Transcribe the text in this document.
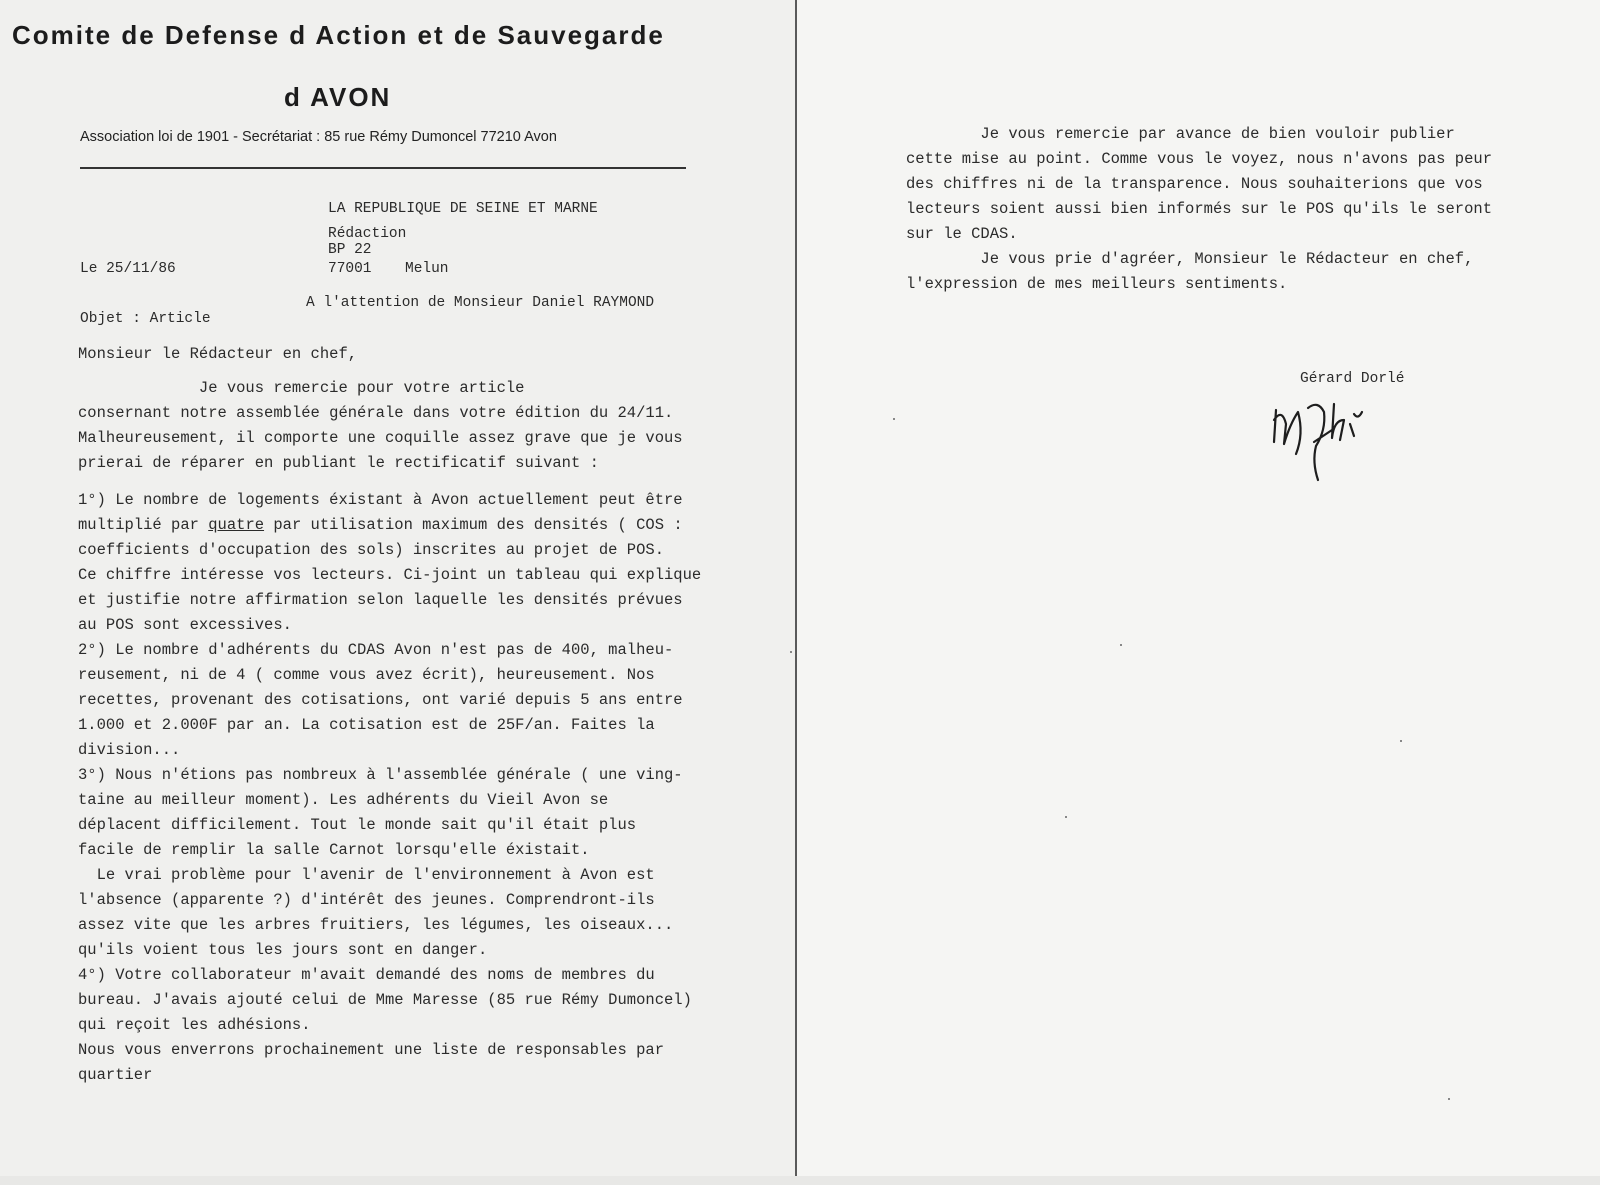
Comite de Defense d Action et de Sauvegarde
d AVON
Association loi de 1901 - Secrétariat : 85 rue Rémy Dumoncel 77210 Avon
LA REPUBLIQUE DE SEINE ET MARNE
Rédaction
BP 22
77001 Melun
Le 25/11/86
A l'attention de Monsieur Daniel RAYMOND
Objet : Article
Monsieur le Rédacteur en chef,
Je vous remercie pour votre article
consernant notre assemblée générale dans votre édition du 24/11.
Malheureusement, il comporte une coquille assez grave que je vous
prierai de réparer en publiant le rectificatif suivant :
1°) Le nombre de logements éxistant à Avon actuellement peut être
multiplié par quatre par utilisation maximum des densités ( COS :
coefficients d'occupation des sols) inscrites au projet de POS.
Ce chiffre intéresse vos lecteurs. Ci-joint un tableau qui explique
et justifie notre affirmation selon laquelle les densités prévues
au POS sont excessives.
2°) Le nombre d'adhérents du CDAS Avon n'est pas de 400, malheu-
reusement, ni de 4 ( comme vous avez écrit), heureusement. Nos
recettes, provenant des cotisations, ont varié depuis 5 ans entre
1.000 et 2.000F par an. La cotisation est de 25F/an. Faites la
division...
3°) Nous n'étions pas nombreux à l'assemblée générale ( une ving-
taine au meilleur moment). Les adhérents du Vieil Avon se
déplacent difficilement. Tout le monde sait qu'il était plus
facile de remplir la salle Carnot lorsqu'elle éxistait.
Le vrai problème pour l'avenir de l'environnement à Avon est
l'absence (apparente ?) d'intérêt des jeunes. Comprendront-ils
assez vite que les arbres fruitiers, les légumes, les oiseaux...
qu'ils voient tous les jours sont en danger.
4°) Votre collaborateur m'avait demandé des noms de membres du
bureau. J'avais ajouté celui de Mme Maresse (85 rue Rémy Dumoncel)
qui reçoit les adhésions.
Nous vous enverrons prochainement une liste de responsables par
quartier
Je vous remercie par avance de bien vouloir publier
cette mise au point. Comme vous le voyez, nous n'avons pas peur
des chiffres ni de la transparence. Nous souhaiterions que vos
lecteurs soient aussi bien informés sur le POS qu'ils le seront
sur le CDAS.
Je vous prie d'agréer, Monsieur le Rédacteur en chef,
l'expression de mes meilleurs sentiments.
Gérard Dorlé
